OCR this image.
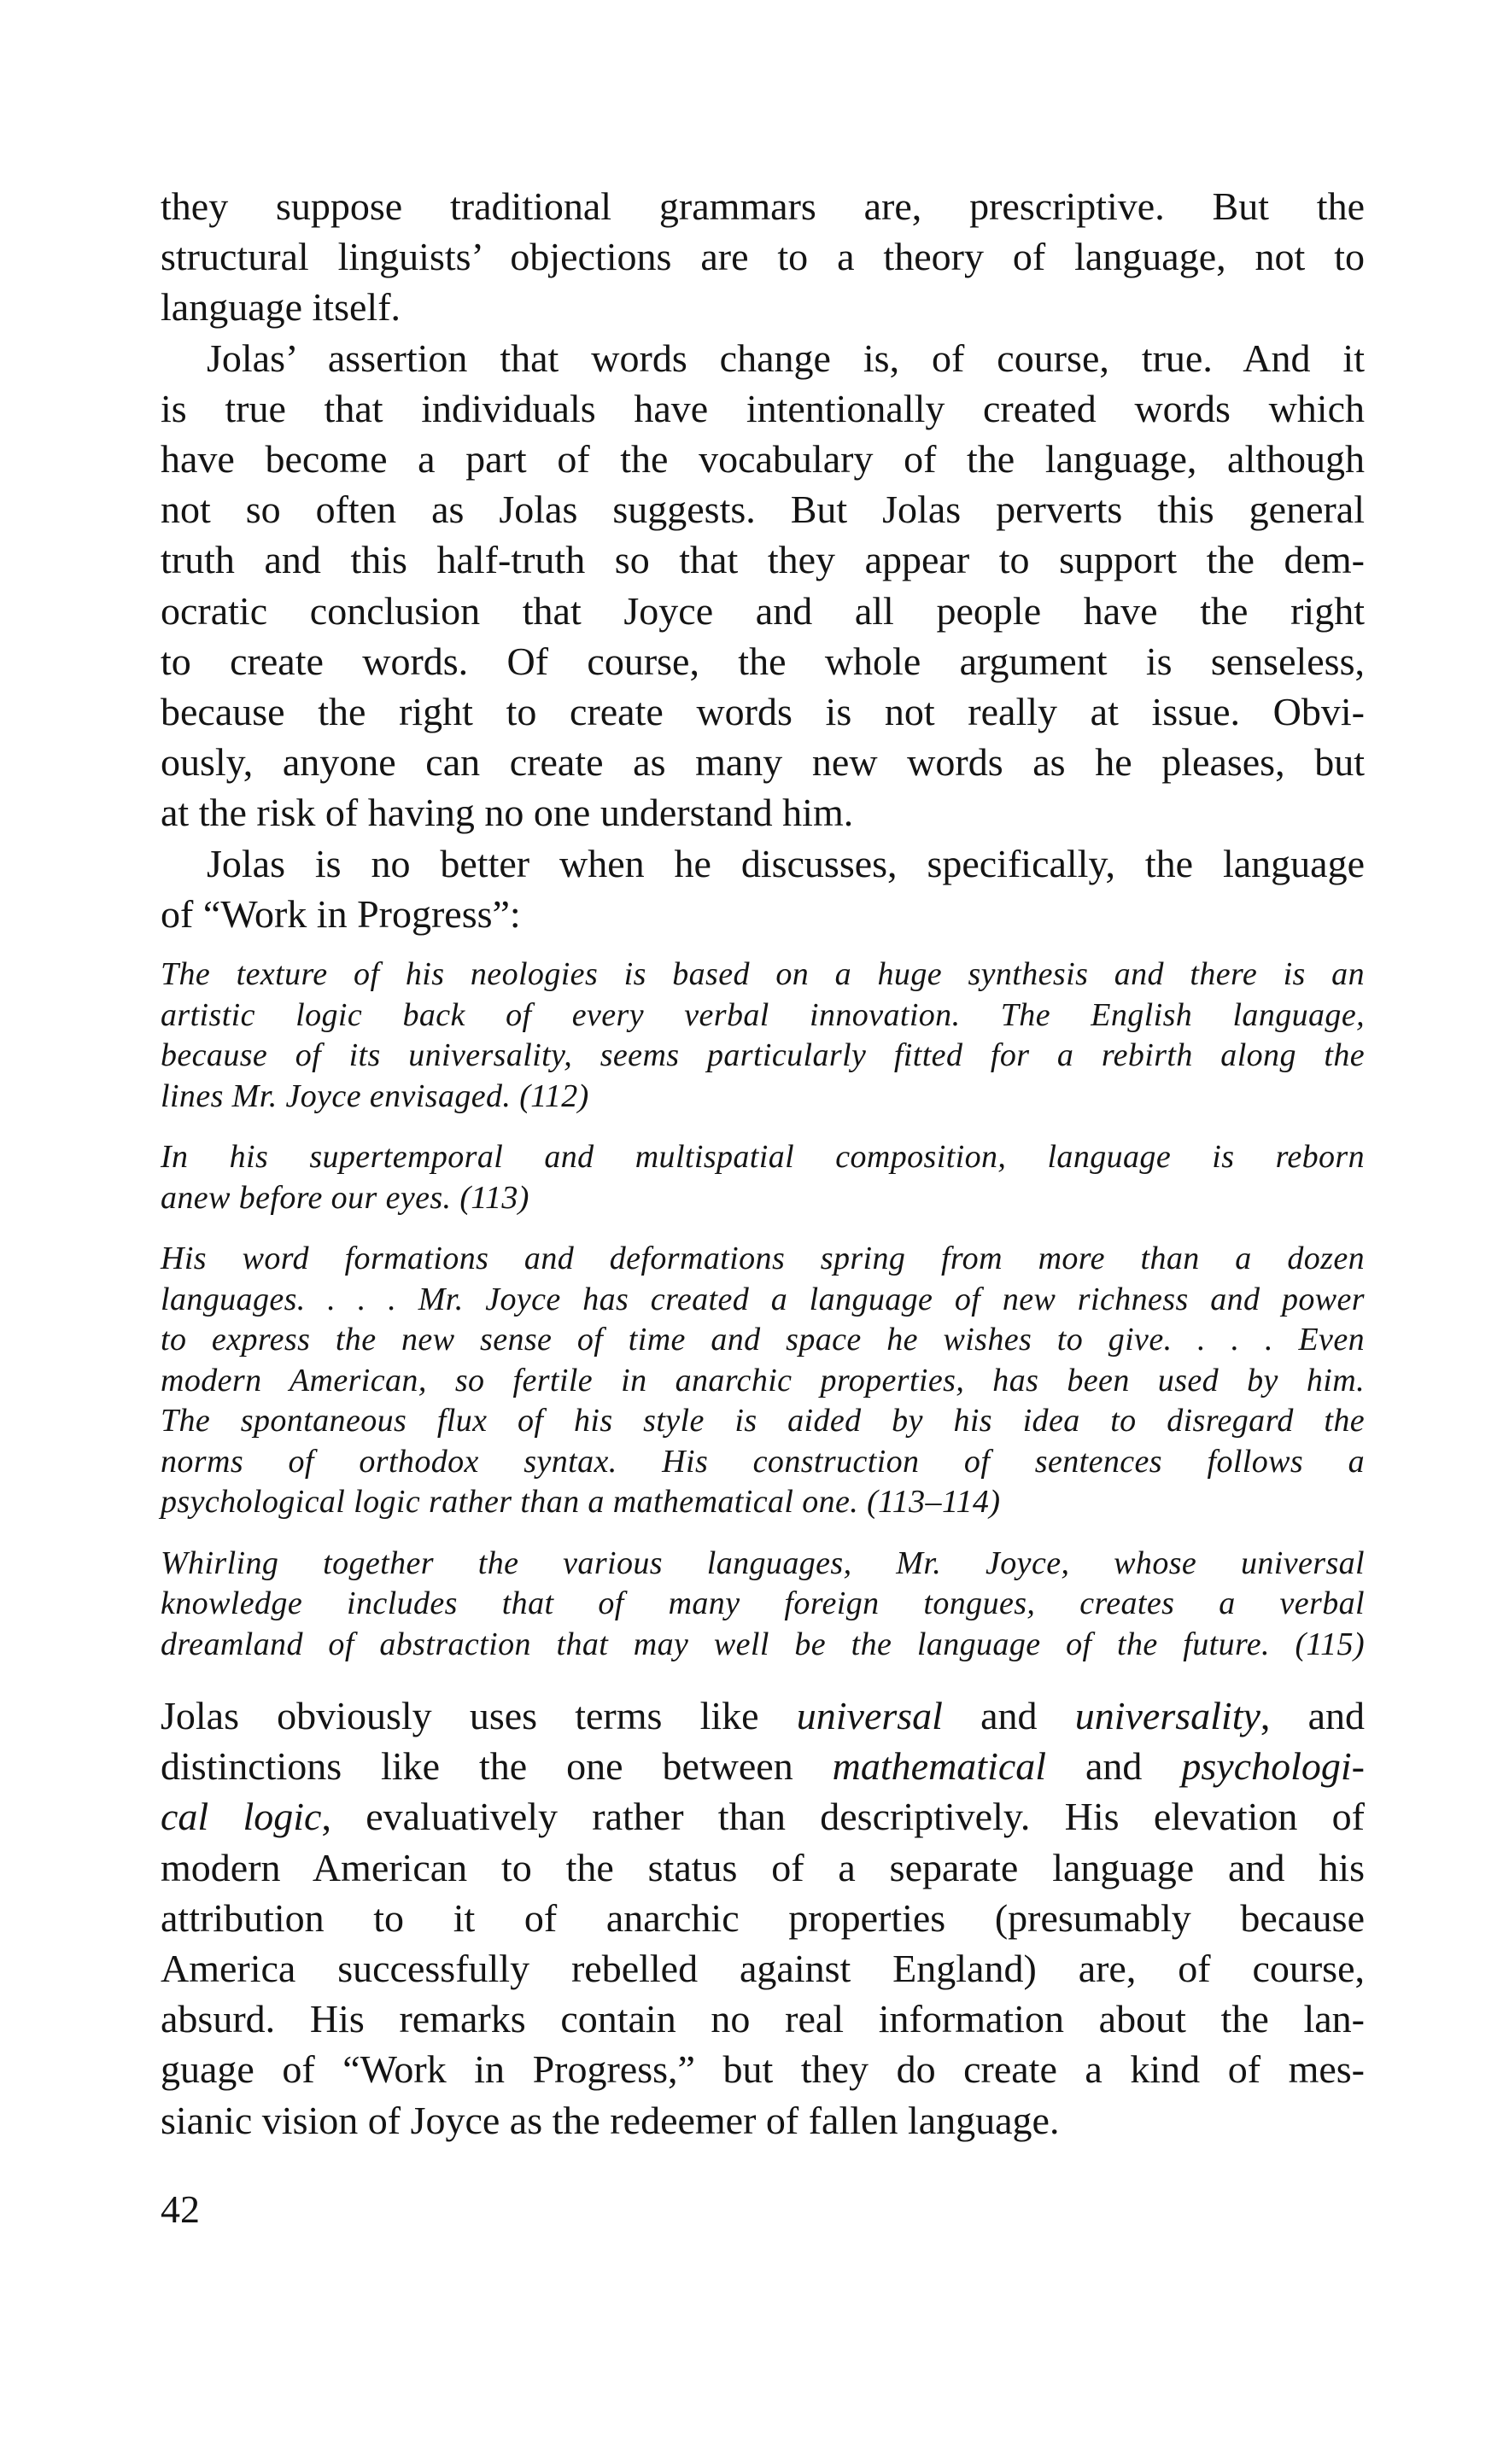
they suppose traditional grammars are, prescriptive. But the
structural linguists’ objections are to a theory of language, not to
language itself.

Jolas’ assertion that words change is, of course, true. And it
is true that individuals have intentionally created words which
have become a part of the vocabulary of the language, although
not so often as Jolas suggests. But Jolas perverts this general
truth and this half-truth so that they appear to support the dem-
ocratic conclusion that Joyce and all people have the right
to create words. Of course, the whole argument is senseless,
because the right to create words is not really at issue. Obvi-
ously, anyone can create as many new words as he pleases, but
at the risk of having no one understand him.

Jolas is no better when he discusses, specifically, the language
of “Work in Progress”:

The texture of his neologies is based on a huge synthesis and there is an
artistic logic back of every verbal innovation. The English language,
because of its universality, seems particularly fitted for a rebirth along the
lines Mr. Joyce envisaged. (112)

In his supertemporal and multispatial composition, language is reborn
anew before our eyes. (113)

His word formations and deformations spring from more than a dozen
languages. . . . Mr. Joyce has created a language of new richness and power
to express the new sense of time and space he wishes to give. . . . Even
modern American, so fertile in anarchic properties, has been used by him.
The spontaneous flux of his style is aided by his idea to disregard the
norms of orthodox syntax. His construction of sentences follows a
psychological logic rather than a mathematical one. (113–114)

Whirling together the various languages, Mr. Joyce, whose universal
knowledge includes that of many foreign tongues, creates a verbal
dreamland of abstraction that may well be the language of the future. (115)

Jolas obviously uses terms like universal and universality, and
distinctions like the one between mathematical and psychologi-
cal logic, evaluatively rather than descriptively. His elevation of
modern American to the status of a separate language and his
attribution to it of anarchic properties (presumably because
America successfully rebelled against England) are, of course,
absurd. His remarks contain no real information about the lan-
guage of “Work in Progress,” but they do create a kind of mes-
sianic vision of Joyce as the redeemer of fallen language.

42
